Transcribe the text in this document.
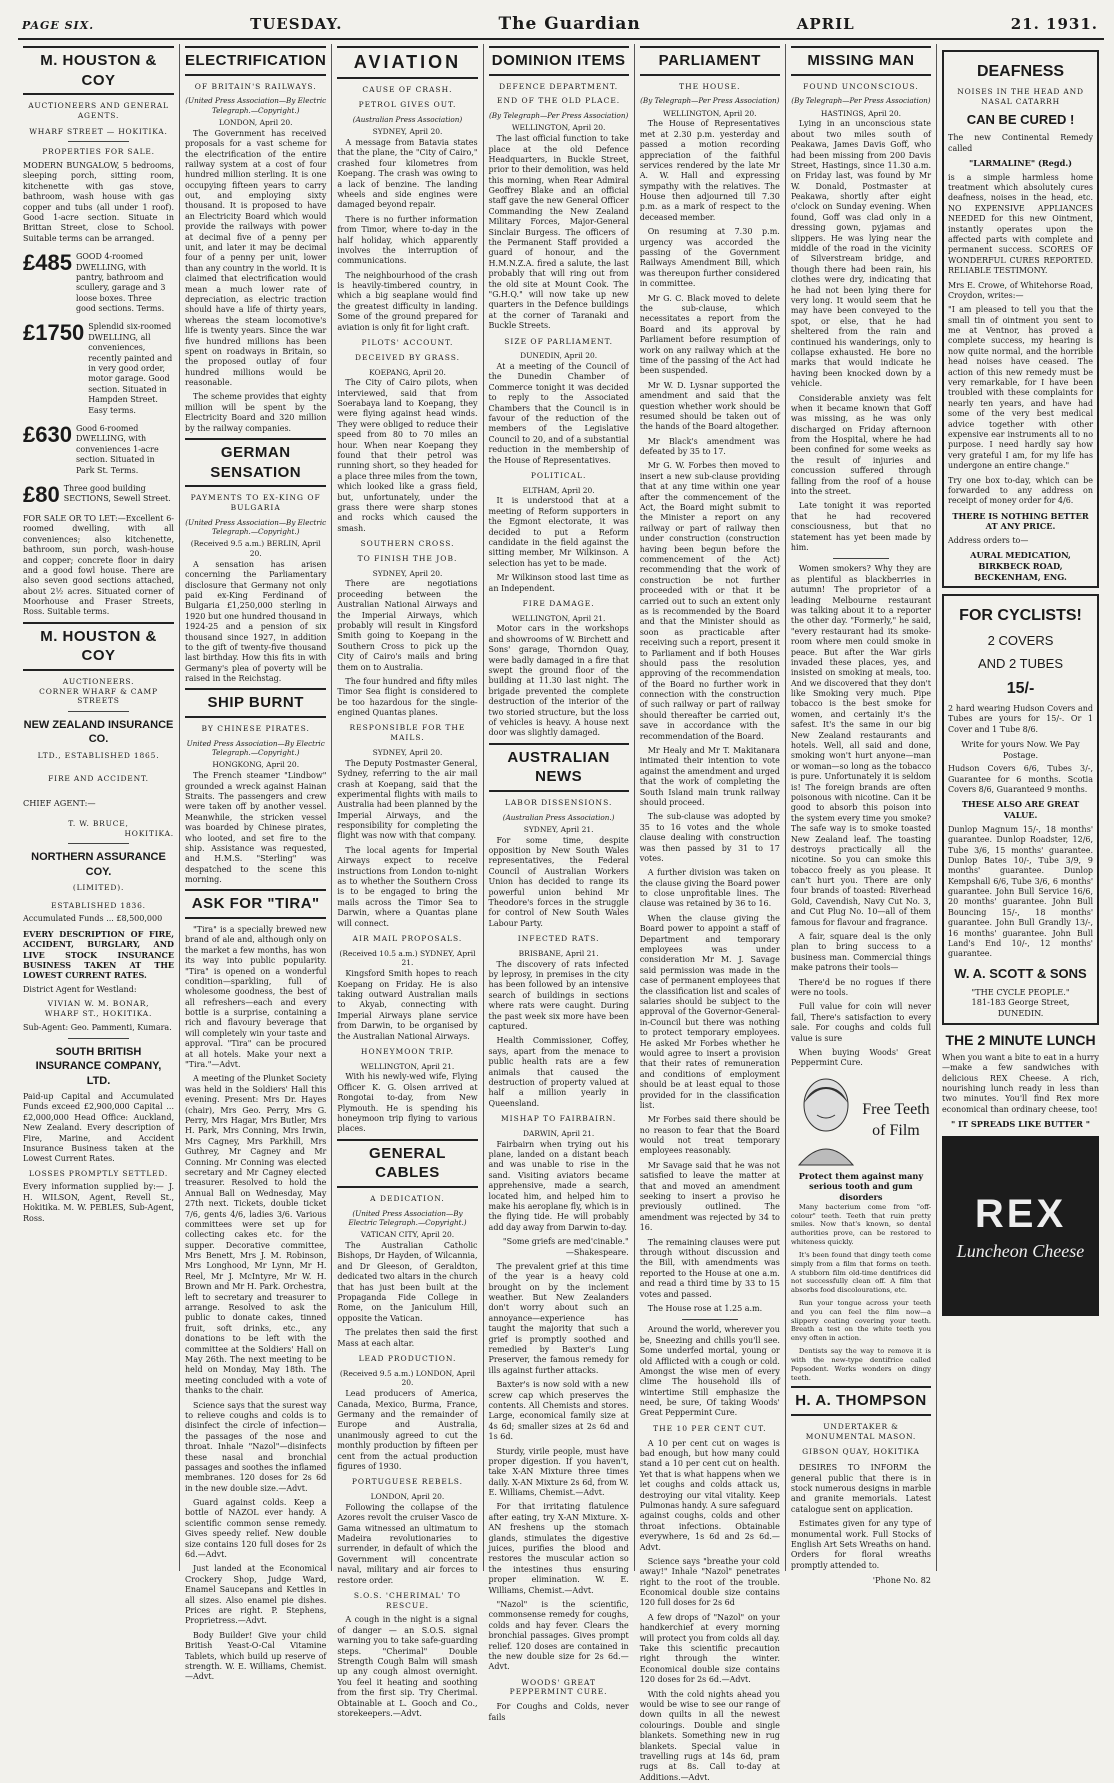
PAGE SIX.	TUESDAY.	The Guardian	APRIL	21. 1931.
M. HOUSTON & COY
AUCTIONEERS AND GENERAL AGENTS.
WHARF STREET — HOKITIKA.
PROPERTIES FOR SALE.
MODERN BUNGALOW, 5 bedrooms, sleeping porch, sitting room, kitchenette with gas stove, bathroom, wash house with gas copper and tubs (all under 1 roof). Good 1-acre section. Situate in Brittan Street, close to School. Suitable terms can be arranged.
£485 GOOD 4-roomed DWELLING, with pantry, bathroom and scullery, garage and 3 loose boxes. Three good sections. Terms.
£1750 Splendid six-roomed DWELLING, all conveniences, recently painted and in very good order, motor garage. Good section. Situated in Hampden Street. Easy terms.
£630 Good 6-roomed DWELLING, with conveniences 1-acre section. Situated in Park St. Terms.
£80 Three good building SECTIONS, Sewell Street.
FOR SALE OR TO LET:—Excellent 6-roomed dwelling, with all conveniences; also kitchenette, bathroom, sun porch, wash-house and copper; concrete floor in dairy and a good fowl house. There are also seven good sections attached, about 2½ acres. Situated corner of Moorhouse and Fraser Streets, Ross. Suitable terms.
M. HOUSTON & COY
AUCTIONEERS.
CORNER WHARF & CAMP STREETS
NEW ZEALAND INSURANCE CO.
LTD., ESTABLISHED 1865.
FIRE AND ACCIDENT.
CHIEF AGENT:—
T. W. BRUCE,
HOKITIKA.
NORTHERN ASSURANCE COY.
(LIMITED).
ESTABLISHED 1836.
Accumulated Funds ... £8,500,000
EVERY DESCRIPTION OF FIRE, ACCIDENT, BURGLARY, AND LIVE STOCK INSURANCE BUSINESS TAKEN AT THE LOWEST CURRENT RATES.
District Agent for Westland:
VIVIAN W. M. BONAR,
WHARF ST., HOKITIKA.
Sub-Agent: Geo. Pammenti, Kumara.
SOUTH BRITISH INSURANCE COMPANY, LTD.
Paid-up Capital and Accumulated Funds exceed £2,900,000 Capital ... £2,000,000 Head Office: Auckland, New Zealand. Every description of Fire, Marine, and Accident Insurance Business taken at the Lowest Current Rates.
LOSSES PROMPTLY SETTLED.
Every information supplied by:— J. H. WILSON, Agent, Revell St., Hokitika. M. W. PEBLES, Sub-Agent, Ross.
ELECTRIFICATION
OF BRITAIN'S RAILWAYS.
(United Press Association—By Electric Telegraph.—Copyright.)
LONDON, April 20.

The Government has received proposals for a vast scheme for the electrification of the entire railway system at a cost of four hundred million sterling. It is one occupying fifteen years to carry out, and employing sixty thousand. It is proposed to have an Electricity Board which would provide the railways with power at decimal five of a penny per unit, and later it may be decimal four of a penny per unit, lower than any country in the world. It is claimed that electrification would mean a much lower rate of depreciation, as electric traction should have a life of thirty years, whereas the steam locomotive's life is twenty years. Since the war five hundred millions has been spent on roadways in Britain, so the proposed outlay of four hundred millions would be reasonable.

The scheme provides that eighty million will be spent by the Electricity Board and 320 million by the railway companies.

GERMAN SENSATION
PAYMENTS TO EX-KING OF BULGARIA
(United Press Association—By Electric Telegraph.—Copyright.)
(Received 9.5 a.m.) BERLIN, April 20.

A sensation has arisen concerning the Parliamentary disclosure that Germany not only paid ex-King Ferdinand of Bulgaria £1,250,000 sterling in 1920 but one hundred thousand in 1924-25 and a pension of six thousand since 1927, in addition to the gift of twenty-five thousand last birthday. How this fits in with Germany's plea of poverty will be raised in the Reichstag.

SHIP BURNT
BY CHINESE PIRATES.
United Press Association—By Electric Telegraph.—Copyright.)
HONGKONG, April 20.

The French steamer "Lindbow" grounded a wreck against Hainan Straits. The passengers and crew were taken off by another vessel. Meanwhile, the stricken vessel was boarded by Chinese pirates, who looted, and set fire to the ship. Assistance was requested, and H.M.S. "Sterling" was despatched to the scene this morning.

ASK FOR "TIRA"

"Tira" is a specially brewed new brand of ale and, although only on the market a few months, has won its way into public popularity. "Tira" is opened on a wonderful condition—sparkling, full of wholesome goodness, the best of all refreshers—each and every bottle is a surprise, containing a rich and flavoury beverage that will completely win your taste and approval. "Tira" can be procured at all hotels. Make your next a "Tira."—Advt.

A meeting of the Plunket Society was held in the Soldiers' Hall this evening. Present: Mrs Dr. Hayes (chair), Mrs Geo. Perry, Mrs G. Perry, Mrs Hagar, Mrs Butler, Mrs H. Park, Mrs Conning, Mrs Irwin, Mrs Cagney, Mrs Parkhill, Mrs Guthrey, Mr Cagney and Mr Conning. Mr Conning was elected secretary and Mr Cagney elected treasurer. Resolved to hold the Annual Ball on Wednesday, May 27th next. Tickets, double ticket 7/6, gents 4/6, ladies 3/6. Various committees were set up for collecting cakes etc. for the supper. Decorative committee, Mrs Benett, Mrs J. M. Robinson, Mrs Longhood, Mr Lynn, Mr H. Reel, Mr J. McIntyre, Mr W. H. Brown and Mr H. Park. Orchestra, left to secretary and treasurer to arrange. Resolved to ask the public to donate cakes, tinned fruit, soft drinks, etc., any donations to be left with the committee at the Soldiers' Hall on May 26th. The next meeting to be held on Monday, May 18th. The meeting concluded with a vote of thanks to the chair.

Science says that the surest way to relieve coughs and colds is to disinfect the circle of infection—the passages of the nose and throat. Inhale "Nazol"—disinfects these nasal and bronchial passages and soothes the inflamed membranes. 120 doses for 2s 6d in the new double size.—Advt.

Guard against colds. Keep a bottle of NAZOL ever handy. A scientific common sense remedy. Gives speedy relief. New double size contains 120 full doses for 2s 6d.—Advt.

Just landed at the Economical Crockery Shop, Judge Ward, Enamel Saucepans and Kettles in all sizes. Also enamel pie dishes. Prices are right. P. Stephens, Proprietress.—Advt.

Body Builder! Give your child British Yeast-O-Cal Vitamine Tablets, which build up reserve of strength. W. E. Williams, Chemist.—Advt.

AVIATION
CAUSE OF CRASH.
PETROL GIVES OUT.
(Australian Press Association)
SYDNEY, April 20.

A message from Batavia states that the plane, the "City of Cairo," crashed four kilometres from Koepang. The crash was owing to a lack of benzine. The landing wheels and side engines were damaged beyond repair.

There is no further information from Timor, where to-day in the half holiday, which apparently involves the interruption of communications.

The neighbourhood of the crash is heavily-timbered country, in which a big seaplane would find the greatest difficulty in landing. Some of the ground prepared for aviation is only fit for light craft.

PILOTS' ACCOUNT.
DECEIVED BY GRASS.
KOEPANG, April 20.

The City of Cairo pilots, when interviewed, said that from Soerabaya land to Koepang, they were flying against head winds. They were obliged to reduce their speed from 80 to 70 miles an hour. When near Koepang they found that their petrol was running short, so they headed for a place three miles from the town, which looked like a grass field, but, unfortunately, under the grass there were sharp stones and rocks which caused the smash.

SOUTHERN CROSS.
TO FINISH THE JOB.
SYDNEY, April 20.

There are negotiations proceeding between the Australian National Airways and the Imperial Airways, which probably will result in Kingsford Smith going to Koepang in the Southern Cross to pick up the City of Cairo's mails and bring them on to Australia.

The four hundred and fifty miles Timor Sea flight is considered to be too hazardous for the single-engined Quantas planes.

RESPONSIBLE FOR THE MAILS.
SYDNEY, April 20.

The Deputy Postmaster General, Sydney, referring to the air mail crash at Koepang, said that the experimental flights with mails to Australia had been planned by the Imperial Airways, and the responsibility for completing the flight was now with that company.

The local agents for Imperial Airways expect to receive instructions from London to-night as to whether the Southern Cross is to be engaged to bring the mails across the Timor Sea to Darwin, where a Quantas plane will connect.

AIR MAIL PROPOSALS.
(Received 10.5 a.m.) SYDNEY, April 21.

Kingsford Smith hopes to reach Koepang on Friday. He is also taking outward Australian mails to Akyab, connecting with Imperial Airways plane service from Darwin, to be organised by the Australian National Airways.

HONEYMOON TRIP.
WELLINGTON, April 21.

With his newly-wed wife, Flying Officer K. G. Olsen arrived at Rongotai to-day, from New Plymouth. He is spending his honeymoon trip flying to various places.

GENERAL CABLES
A DEDICATION.
(United Press Association—By Electric Telegraph.—Copyright.)
VATICAN CITY, April 20.

The Australian Catholic Bishops, Dr Hayden, of Wilcannia, and Dr Gleeson, of Geraldton, dedicated two altars in the church that has just been built at the Propaganda Fide College in Rome, on the Janiculum Hill, opposite the Vatican.

The prelates then said the first Mass at each altar.

LEAD PRODUCTION.
(Received 9.5 a.m.) LONDON, April 20.

Lead producers of America, Canada, Mexico, Burma, France, Germany and the remainder of Europe and Australia, unanimously agreed to cut the monthly production by fifteen per cent from the actual production figures of 1930.

PORTUGUESE REBELS.
LONDON, April 20.

Following the collapse of the Azores revolt the cruiser Vasco de Gama witnessed an ultimatum to Madeira revolutionaries to surrender, in default of which the Government will concentrate naval, military and air forces to restore order.

S.O.S. 'CHERIMAL' TO RESCUE.

A cough in the night is a signal of danger — an S.O.S. signal warning you to take safe-guarding steps. "Cherimal" Double Strength Cough Balm will smash up any cough almost overnight. You feel it heating and soothing from the first sip. Try Cherimal. Obtainable at L. Gooch and Co., storekeepers.—Advt.

DOMINION ITEMS
DEFENCE DEPARTMENT.
END OF THE OLD PLACE.
(By Telegraph—Per Press Association)
WELLINGTON, April 20.

The last official function to take place at the old Defence Headquarters, in Buckle Street, prior to their demolition, was held this morning, when Rear Admiral Geoffrey Blake and an official staff gave the new General Officer Commanding the New Zealand Military Forces, Major-General Sinclair Burgess. The officers of the Permanent Staff provided a guard of honour, and the H.M.N.Z.A. fired a salute, the last probably that will ring out from the old site at Mount Cook. The "G.H.Q." will now take up new quarters in the Defence buildings at the corner of Taranaki and Buckle Streets.

SIZE OF PARLIAMENT.
DUNEDIN, April 20.

At a meeting of the Council of the Dunedin Chamber of Commerce tonight it was decided to reply to the Associated Chambers that the Council is in favour of the reduction of the members of the Legislative Council to 20, and of a substantial reduction in the membership of the House of Representatives.

POLITICAL.
ELTHAM, April 20.

It is understood that at a meeting of Reform supporters in the Egmont electorate, it was decided to put a Reform candidate in the field against the sitting member, Mr Wilkinson. A selection has yet to be made.

Mr Wilkinson stood last time as an Independent.

FIRE DAMAGE.
WELLINGTON, April 21.

Motor cars in the workshops and showrooms of W. Birchett and Sons' garage, Thorndon Quay, were badly damaged in a fire that swept the ground floor of the building at 11.30 last night. The brigade prevented the complete destruction of the interior of the two storied structure, but the loss of vehicles is heavy. A house next door was slightly damaged.

AUSTRALIAN NEWS
LABOR DISSENSIONS.
(Australian Press Association.)
SYDNEY, April 21.

For some time, despite opposition by New South Wales representatives, the Federal Council of Australian Workers Union has decided to range its powerful union behind Mr Theodore's forces in the struggle for control of New South Wales Labour Party.

INFECTED RATS.
BRISBANE, April 21.

The discovery of rats infected by leprosy, in premises in the city has been followed by an intensive search of buildings in sections where rats were caught. During the past week six more have been captured.

Health Commissioner, Coffey, says, apart from the menace to public health rats are a few animals that caused the destruction of property valued at half a million yearly in Queensland.

MISHAP TO FAIRBAIRN.
DARWIN, April 21.

Fairbairn when trying out his plane, landed on a distant beach and was unable to rise in the sand. Visiting aviators became apprehensive, made a search, located him, and helped him to make his aeroplane fly, which is in the flying tide. He will probably add day away from Darwin to-day.

"Some griefs are med'cinable." —Shakespeare.

The prevalent grief at this time of the year is a heavy cold brought on by the inclement weather. But New Zealanders don't worry about such an annoyance—experience has taught the majority that such a grief is promptly soothed and remedied by Baxter's Lung Preserver, the famous remedy for ills against further attacks.

Baxter's is now sold with a new screw cap which preserves the contents. All Chemists and stores. Large, economical family size at 4s 6d; smaller sizes at 2s 6d and 1s 6d.

Sturdy, virile people, must have proper digestion. If you haven't, take X-AN Mixture three times daily. X-AN Mixture 2s 6d, from W. E. Williams, Chemist.—Advt.

For that irritating flatulence after eating, try X-AN Mixture. X-AN freshens up the stomach glands, stimulates the digestive juices, purifies the blood and restores the muscular action so the intestines thus ensuring proper elimination. W. E. Williams, Chemist.—Advt.

"Nazol" is the scientific, commonsense remedy for coughs, colds and hay fever. Clears the bronchial passages. Gives prompt relief. 120 doses are contained in the new double size for 2s 6d.—Advt.

WOODS' GREAT PEPPERMINT CURE.

For Coughs and Colds, never fails

PARLIAMENT
THE HOUSE.
(By Telegraph—Per Press Association)
WELLINGTON, April 20.

The House of Representatives met at 2.30 p.m. yesterday and passed a motion recording appreciation of the faithful services rendered by the late Mr A. W. Hall and expressing sympathy with the relatives. The House then adjourned till 7.30 p.m. as a mark of respect to the deceased member.

On resuming at 7.30 p.m. urgency was accorded the passing of the Government Railways Amendment Bill, which was thereupon further considered in committee.

Mr G. C. Black moved to delete the sub-clause, which necessitates a report from the Board and its approval by Parliament before resumption of work on any railway which at the time of the passing of the Act had been suspended.

Mr W. D. Lysnar supported the amendment and said that the question whether work should be resumed should be taken out of the hands of the Board altogether.

Mr Black's amendment was defeated by 35 to 17.

Mr G. W. Forbes then moved to insert a new sub-clause providing that at any time within one year after the commencement of the Act, the Board might submit to the Minister a report on any railway or part of railway then under construction (construction having been begun before the commencement of the Act) recommending that the work of construction be not further proceeded with or that it be carried out to such an extent only as is recommended by the Board and that the Minister should as soon as practicable after receiving such a report, present it to Parliament and if both Houses should pass the resolution approving of the recommendation of the Board no further work in connection with the construction of such railway or part of railway should thereafter be carried out, save in accordance with the recommendation of the Board.

Mr Healy and Mr T. Makitanara intimated their intention to vote against the amendment and urged that the work of completing the South Island main trunk railway should proceed.

The sub-clause was adopted by 35 to 16 votes and the whole clause dealing with construction was then passed by 31 to 17 votes.

A further division was taken on the clause giving the Board power to close unprofitable lines. The clause was retained by 36 to 16.

When the clause giving the Board power to appoint a staff of Department and temporary employees was under consideration Mr M. J. Savage said permission was made in the case of permanent employees that the classification list and scales of salaries should be subject to the approval of the Governor-General-in-Council but there was nothing to protect temporary employees. He asked Mr Forbes whether he would agree to insert a provision that their rates of remuneration and conditions of employment should be at least equal to those provided for in the classification list.

Mr Forbes said there should be no reason to fear that the Board would not treat temporary employees reasonably.

Mr Savage said that he was not satisfied to leave the matter at that and moved an amendment seeking to insert a proviso he previously outlined. The amendment was rejected by 34 to 16.

The remaining clauses were put through without discussion and the Bill, with amendments was reported to the House at one a.m. and read a third time by 33 to 15 votes and passed.

The House rose at 1.25 a.m.

Around the world, wherever you be, Sneezing and chills you'll see. Some underfed mortal, young or old Afflicted with a cough or cold. Amongst the wise men of every clime The household ills of wintertime Still emphasize the need, be sure, Of taking Woods' Great Peppermint Cure.

THE 10 PER CENT CUT.

A 10 per cent cut on wages is bad enough, but how many could stand a 10 per cent cut on health. Yet that is what happens when we let coughs and colds attack us, destroying our vital vitality. Keep Pulmonas handy. A sure safeguard against coughs, colds and other throat infections. Obtainable everywhere, 1s 6d and 2s 6d.—Advt.

Science says "breathe your cold away!" Inhale "Nazol" penetrates right to the root of the trouble. Economical double size contains 120 full doses for 2s 6d

A few drops of "Nazol" on your handkerchief at every morning will protect you from colds all day. Take this scientific precaution right through the winter. Economical double size contains 120 doses for 2s 6d.—Advt.

With the cold nights ahead you would be wise to see our range of down quilts in all the newest colourings. Double and single blankets. Something new in rug blankets. Special value in travelling rugs at 14s 6d, pram rugs at 8s. Call to-day at Additions.—Advt.

MISSING MAN
FOUND UNCONSCIOUS.
(By Telegraph—Per Press Association)
HASTINGS, April 20.

Lying in an unconscious state about two miles south of Peakawa, James Davis Goff, who had been missing from 200 Davis Street, Hastings, since 11.30 a.m. on Friday last, was found by Mr W. Donald, Postmaster at Peakawa, shortly after eight o'clock on Sunday evening. When found, Goff was clad only in a dressing gown, pyjamas and slippers. He was lying near the middle of the road in the vicinity of Silverstream bridge, and though there had been rain, his clothes were dry, indicating that he had not been lying there for very long. It would seem that he may have been conveyed to the spot, or else, that he had sheltered from the rain and continued his wanderings, only to collapse exhausted. He bore no marks that would indicate he having been knocked down by a vehicle.

Considerable anxiety was felt when it became known that Goff was missing, as he was only discharged on Friday afternoon from the Hospital, where he had been confined for some weeks as the result of injuries and concussion suffered through falling from the roof of a house into the street.

Late tonight it was reported that he had recovered consciousness, but that no statement has yet been made by him.

Women smokers? Why they are as plentiful as blackberries in autumn! The proprietor of a leading Melbourne restaurant was talking about it to a reporter the other day. "Formerly," he said, "every restaurant had its smoke-room where men could smoke in peace. But after the War girls invaded these places, yes, and insisted on smoking at meals, too. And we discovered that they don't like Smoking very much. Pipe tobacco is the best smoke for women, and certainly it's the safest. It's the same in our big New Zealand restaurants and hotels. Well, all said and done, smoking won't hurt anyone—man or woman—so long as the tobacco is pure. Unfortunately it is seldom is! The foreign brands are often poisonous with nicotine. Can it be good to absorb this poison into the system every time you smoke? The safe way is to smoke toasted New Zealand leaf. The toasting destroys practically all the nicotine. So you can smoke this tobacco freely as you please. It can't hurt you. There are only four brands of toasted: Riverhead Gold, Cavendish, Navy Cut No. 3, and Cut Plug No. 10—all of them famous for flavour and fragrance.

A fair, square deal is the only plan to bring success to a business man. Commercial things make patrons their tools—

There'd be no rogues if there were no tools.

Full value for coin will never fail, There's satisfaction to every sale. For coughs and colds full value is sure

When buying Woods' Great Peppermint Cure.

Free Teeth of Film
Protect them against many serious tooth and gum disorders

Many bacterium come from "off-colour" teeth. Teeth that ruin pretty smiles. Now that's known, so dental authorities prove, can be restored to whiteness quickly.

It's been found that dingy teeth come simply from a film that forms on teeth. A stubborn film old-time dentifrices did not successfully clean off. A film that absorbs food discolourations, etc.

Run your tongue across your teeth and you can feel the film now—a slippery coating covering your teeth. Breath a test on the white teeth you envy often in action.

Dentists say the way to remove it is with the new-type dentifrice called Pepsodent. Works wonders on dingy teeth.

H. A. THOMPSON
UNDERTAKER & MONUMENTAL MASON.
GIBSON QUAY, HOKITIKA

DESIRES TO INFORM the general public that there is in stock numerous designs in marble and granite memorials. Latest catalogue sent on application.

Estimates given for any type of monumental work. Full Stocks of English Art Sets Wreaths on hand. Orders for floral wreaths promptly attended to.

'Phone No. 82
DEAFNESS
NOISES IN THE HEAD AND NASAL CATARRH
CAN BE CURED !
The new Continental Remedy called
"LARMALINE" (Regd.)
is a simple harmless home treatment which absolutely cures deafness, noises in the head, etc. NO EXPENSIVE APPLIANCES NEEDED for this new Ointment, instantly operates upon the affected parts with complete and permanent success. SCORES OF WONDERFUL CURES REPORTED. RELIABLE TESTIMONY.
Mrs E. Crowe, of Whitehorse Road, Croydon, writes:—
"I am pleased to tell you that the small tin of ointment you sent to me at Ventnor, has proved a complete success, my hearing is now quite normal, and the horrible head noises have ceased. The action of this new remedy must be very remarkable, for I have been troubled with these complaints for nearly ten years, and have had some of the very best medical advice together with other expensive ear instruments all to no purpose. I need hardly say how very grateful I am, for my life has undergone an entire change."
Try one box to-day, which can be forwarded to any address on receipt of money order for 4/6.
THERE IS NOTHING BETTER AT ANY PRICE.
Address orders to—
AURAL MEDICATION, BIRKBECK ROAD, BECKENHAM, ENG.
FOR CYCLISTS!
2 COVERS
AND 2 TUBES
15/-
2 hard wearing Hudson Covers and Tubes are yours for 15/-. Or 1 Cover and 1 Tube 8/6.
Write for yours Now. We Pay Postage.
Hudson Covers 6/6, Tubes 3/-, Guarantee for 6 months. Scotia Covers 8/6, Guaranteed 9 months.
THESE ALSO ARE GREAT VALUE.
Dunlop Magnum 15/-, 18 months' guarantee. Dunlop Roadster, 12/6, Tube 3/6, 15 months' guarantee. Dunlop Bates 10/-, Tube 3/9, 9 months' guarantee. Dunlop Kempshall 6/6, Tube 3/6, 6 months' guarantee. John Bull Service 16/6, 20 months' guarantee. John Bull Bouncing 15/-, 18 months' guarantee. John Bull Grandly 13/-, 16 months' guarantee. John Bull Land's End 10/-, 12 months' guarantee.
W. A. SCOTT & SONS
"THE CYCLE PEOPLE."
181-183 George Street, DUNEDIN.
THE 2 MINUTE LUNCH
When you want a bite to eat in a hurry—make a few sandwiches with delicious REX Cheese. A rich, nourishing lunch ready in less than two minutes. You'll find Rex more economical than ordinary cheese, too!
" IT SPREADS LIKE BUTTER "
REX
Luncheon Cheese
